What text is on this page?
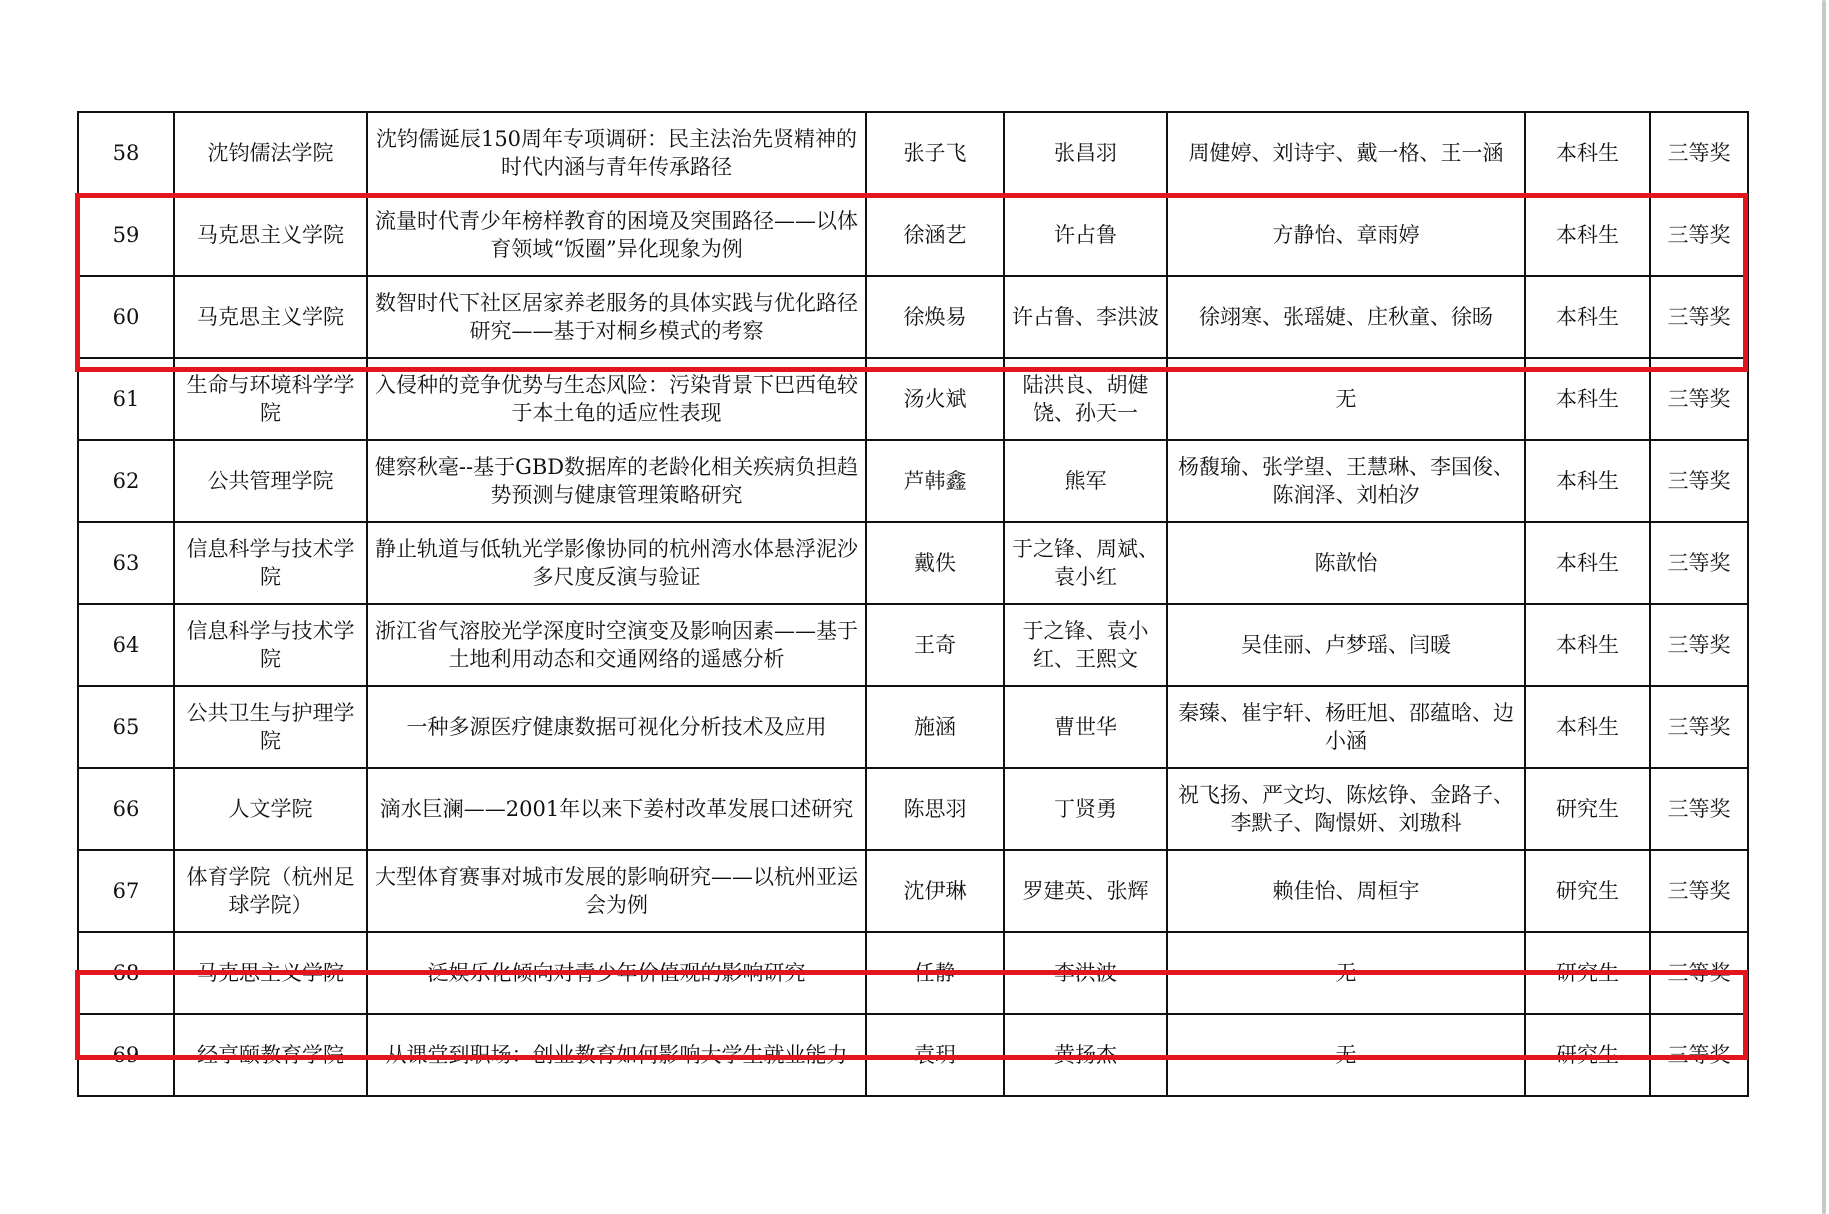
58	沈钧儒法学院	沈钧儒诞辰150周年专项调研：民主法治先贤精神的时代内涵与青年传承路径	张子飞	张昌羽	周健婷、刘诗宇、戴一格、王一涵	本科生	三等奖
59	马克思主义学院	流量时代青少年榜样教育的困境及突围路径——以体育领域“饭圈”异化现象为例	徐涵艺	许占鲁	方静怡、章雨婷	本科生	三等奖
60	马克思主义学院	数智时代下社区居家养老服务的具体实践与优化路径研究——基于对桐乡模式的考察	徐焕易	许占鲁、李洪波	徐翊寒、张瑶婕、庄秋童、徐旸	本科生	三等奖
61	生命与环境科学学院	入侵种的竞争优势与生态风险：污染背景下巴西龟较于本土龟的适应性表现	汤火斌	陆洪良、胡健饶、孙天一	无	本科生	三等奖
62	公共管理学院	健察秋毫--基于GBD数据库的老龄化相关疾病负担趋势预测与健康管理策略研究	芦韩鑫	熊军	杨馥瑜、张学望、王慧琳、李国俊、陈润泽、刘柏汐	本科生	三等奖
63	信息科学与技术学院	静止轨道与低轨光学影像协同的杭州湾水体悬浮泥沙多尺度反演与验证	戴佚	于之锋、周斌、袁小红	陈歆怡	本科生	三等奖
64	信息科学与技术学院	浙江省气溶胶光学深度时空演变及影响因素——基于土地利用动态和交通网络的遥感分析	王奇	于之锋、袁小红、王熙文	吴佳丽、卢梦瑶、闫暖	本科生	三等奖
65	公共卫生与护理学院	一种多源医疗健康数据可视化分析技术及应用	施涵	曹世华	秦臻、崔宇轩、杨旺旭、邵蕴晗、边小涵	本科生	三等奖
66	人文学院	滴水巨澜——2001年以来下姜村改革发展口述研究	陈思羽	丁贤勇	祝飞扬、严文均、陈炫铮、金路子、李默子、陶憬妍、刘璈科	研究生	三等奖
67	体育学院（杭州足球学院）	大型体育赛事对城市发展的影响研究——以杭州亚运会为例	沈伊琳	罗建英、张辉	赖佳怡、周桓宇	研究生	三等奖
68	马克思主义学院	泛娱乐化倾向对青少年价值观的影响研究	任静	李洪波	无	研究生	三等奖
69	经亨颐教育学院	从课堂到职场：创业教育如何影响大学生就业能力	袁玥	黄扬杰	无	研究生	三等奖
